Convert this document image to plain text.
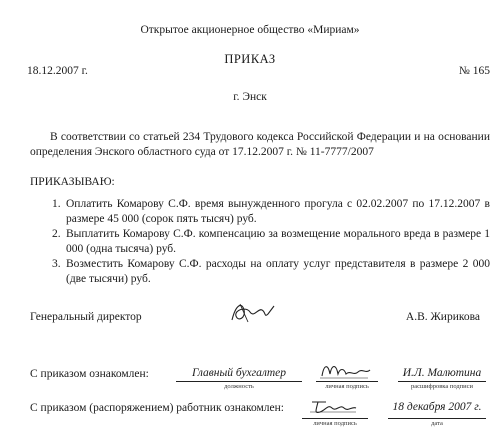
Открытое акционерное общество «Мириам»
ПРИКАЗ
18.12.2007 г.	№ 165
г. Энск
В соответствии со статьей 234 Трудового кодекса Российской Федерации и на основании определения Энского областного суда от 17.12.2007 г. № 11-7777/2007
ПРИКАЗЫВАЮ:
1. Оплатить Комарову С.Ф. время вынужденного прогула с 02.02.2007 по 17.12.2007 в размере 45 000 (сорок пять тысяч) руб.
2. Выплатить Комарову С.Ф. компенсацию за возмещение морального вреда в размере 1 000 (одна тысяча) руб.
3. Возместить Комарову С.Ф. расходы на оплату услуг представителя в размере 2 000 (две тысячи) руб.
Генеральный директор	А.В. Жирикова
С приказом ознакомлен:	Главный бухгалтер
должность	личная подпись
И.Л. Малютина
расшифровка подписи
С приказом (распоряжением) работник ознакомлен:
личная подпись
18 декабря 2007 г.
дата
